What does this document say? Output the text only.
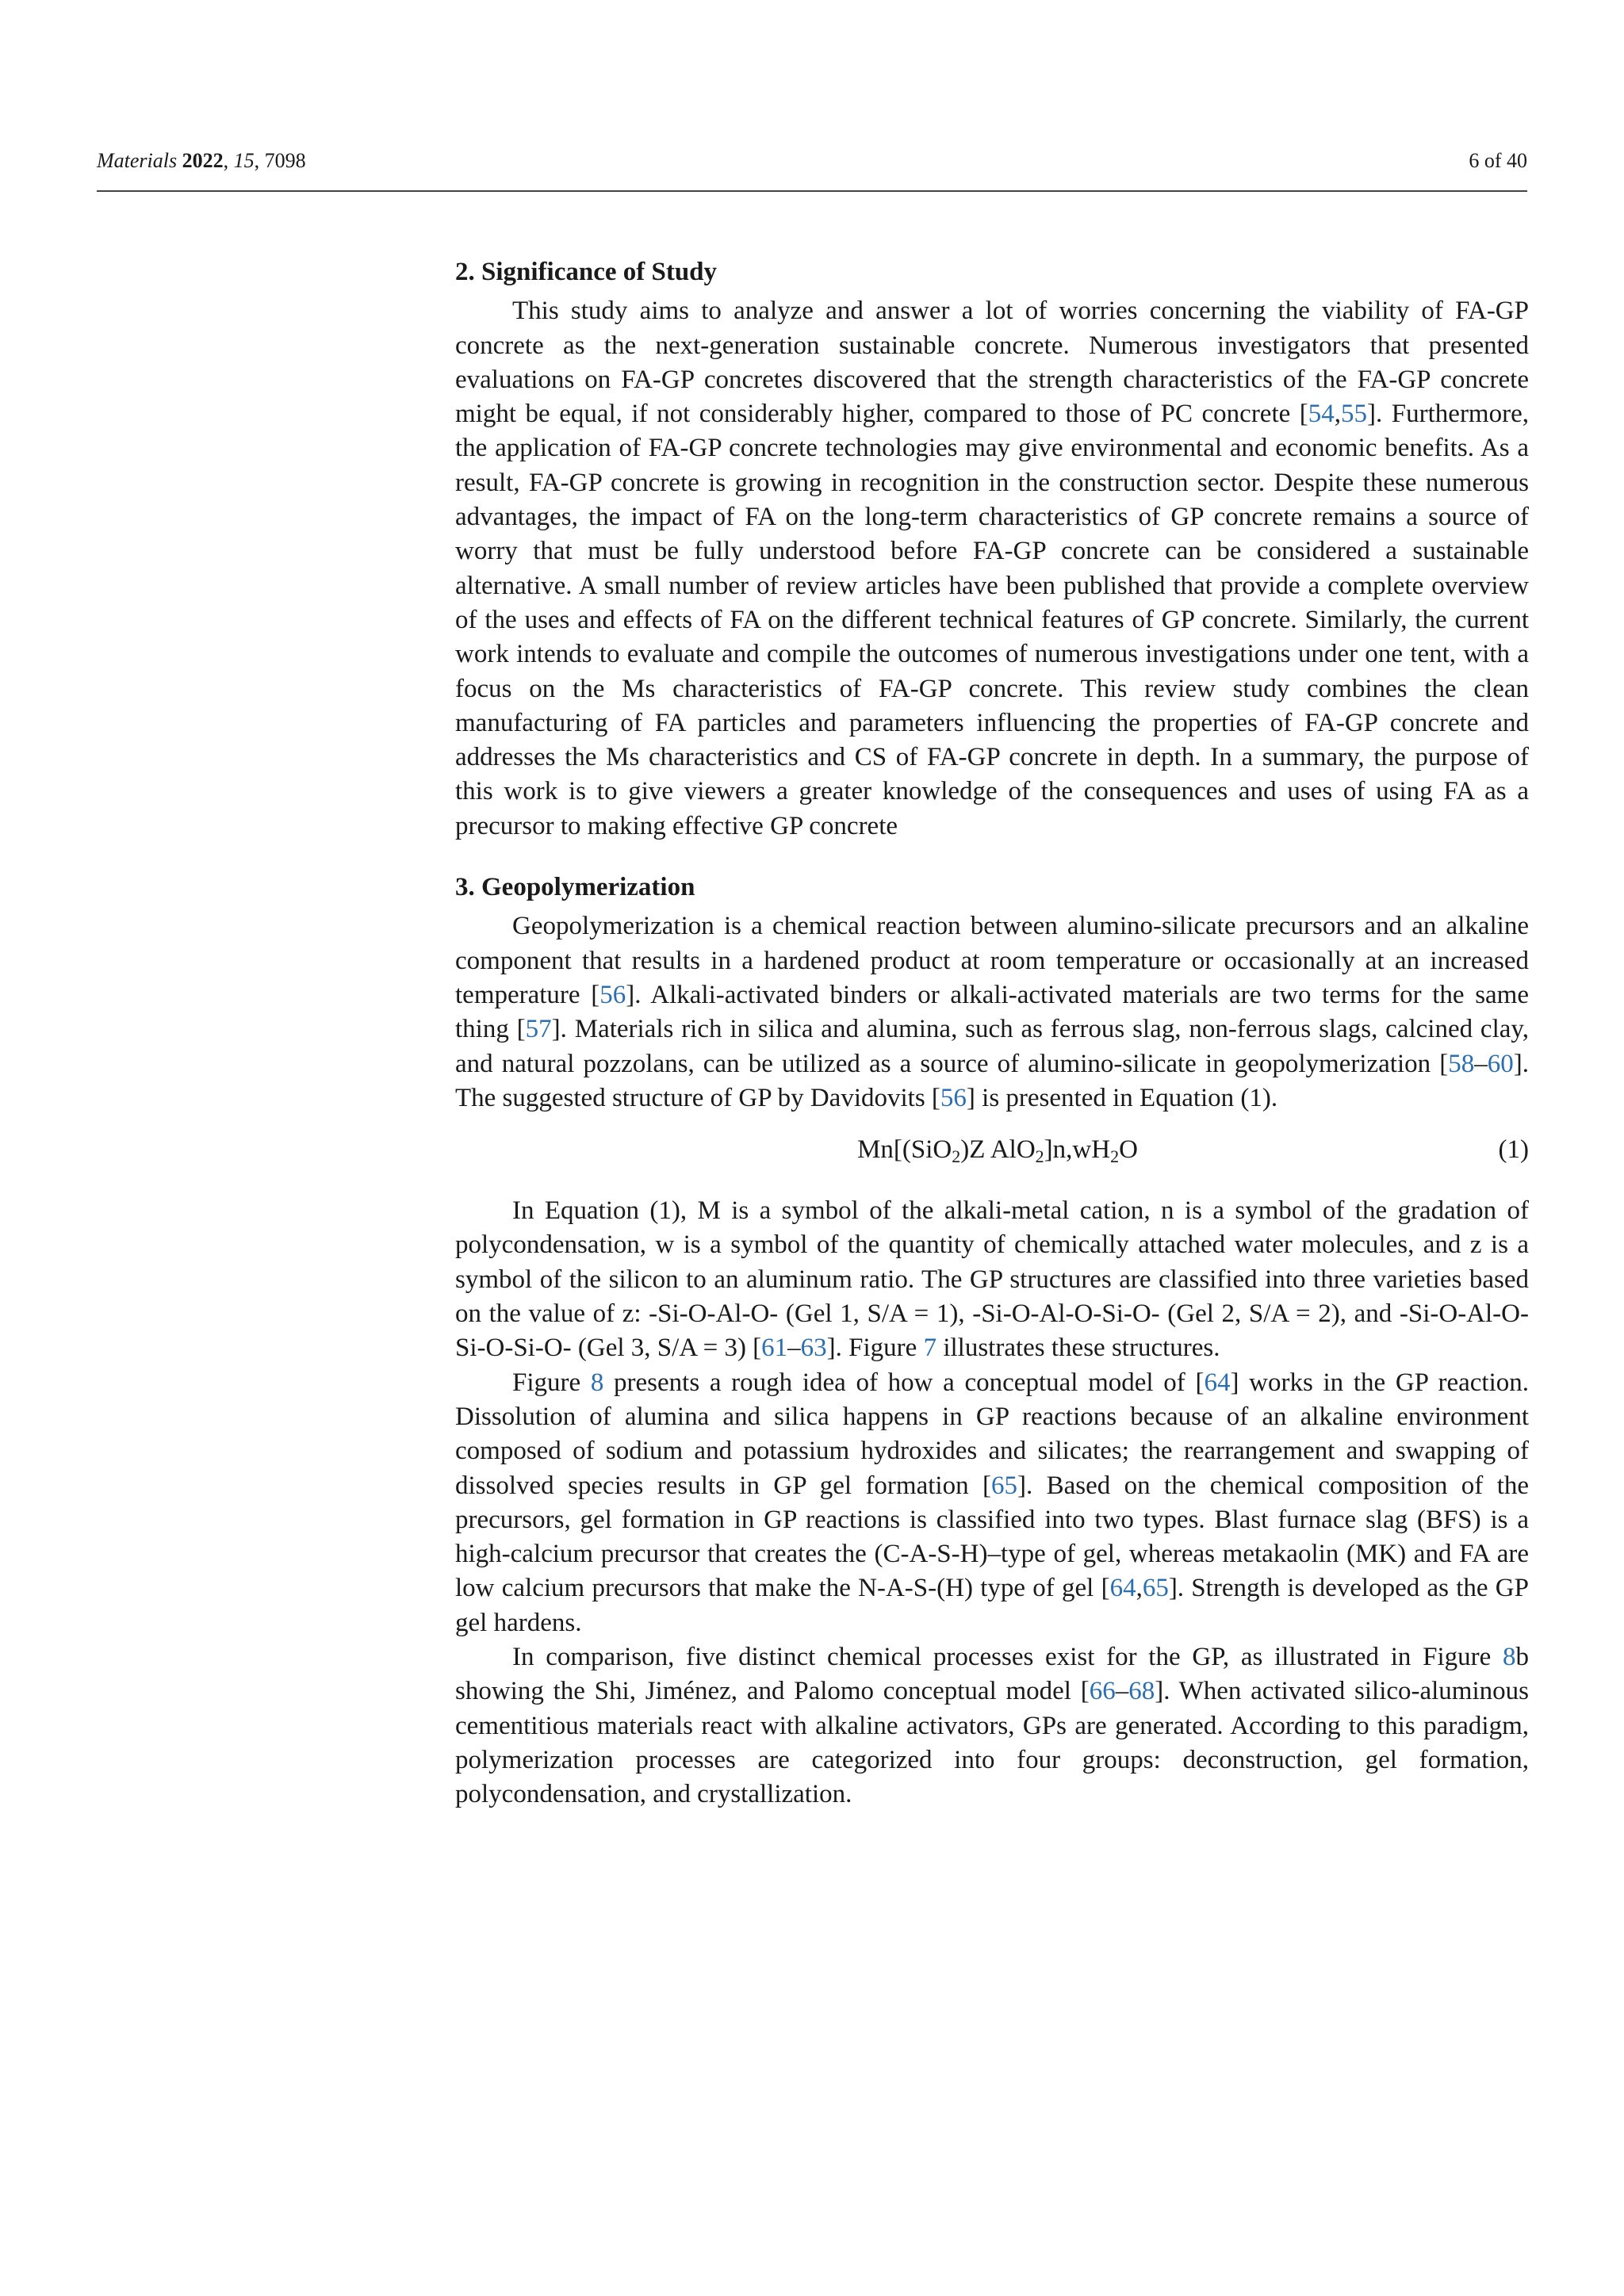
Materials 2022, 15, 7098	6 of 40
2. Significance of Study

This study aims to analyze and answer a lot of worries concerning the viability of FA-GP concrete as the next-generation sustainable concrete. Numerous investigators that presented evaluations on FA-GP concretes discovered that the strength characteristics of the FA-GP concrete might be equal, if not considerably higher, compared to those of PC concrete [54,55]. Furthermore, the application of FA-GP concrete technologies may give environmental and economic benefits. As a result, FA-GP concrete is growing in recognition in the construction sector. Despite these numerous advantages, the impact of FA on the long-term characteristics of GP concrete remains a source of worry that must be fully understood before FA-GP concrete can be considered a sustainable alternative. A small number of review articles have been published that provide a complete overview of the uses and effects of FA on the different technical features of GP concrete. Similarly, the current work intends to evaluate and compile the outcomes of numerous investigations under one tent, with a focus on the Ms characteristics of FA-GP concrete. This review study combines the clean manufacturing of FA particles and parameters influencing the properties of FA-GP concrete and addresses the Ms characteristics and CS of FA-GP concrete in depth. In a summary, the purpose of this work is to give viewers a greater knowledge of the consequences and uses of using FA as a precursor to making effective GP concrete

3. Geopolymerization

Geopolymerization is a chemical reaction between alumino-silicate precursors and an alkaline component that results in a hardened product at room temperature or occasionally at an increased temperature [56]. Alkali-activated binders or alkali-activated materials are two terms for the same thing [57]. Materials rich in silica and alumina, such as ferrous slag, non-ferrous slags, calcined clay, and natural pozzolans, can be utilized as a source of alumino-silicate in geopolymerization [58–60]. The suggested structure of GP by Davidovits [56] is presented in Equation (1).

Mn[(SiO$_2$)Z $AlO_2]n,wH_2O$	(1)

In Equation (1), M is a symbol of the alkali-metal cation, n is a symbol of the gradation of polycondensation, w is a symbol of the quantity of chemically attached water molecules, and z is a symbol of the silicon to an aluminum ratio. The GP structures are classified into three varieties based on the value of z: -Si-O-Al-O- (Gel 1, S/A = 1), -Si-O-Al-O-Si-O- (Gel 2, S/A = 2), and -Si-O-Al-O-Si-O-Si-O- (Gel 3, S/A = 3) [61–63]. Figure 7 illustrates these structures.

Figure 8 presents a rough idea of how a conceptual model of [64] works in the GP reaction. Dissolution of alumina and silica happens in GP reactions because of an alkaline environment composed of sodium and potassium hydroxides and silicates; the rearrangement and swapping of dissolved species results in GP gel formation [65]. Based on the chemical composition of the precursors, gel formation in GP reactions is classified into two types. Blast furnace slag (BFS) is a high-calcium precursor that creates the (C-A-S-H)–type of gel, whereas metakaolin (MK) and FA are low calcium precursors that make the N-A-S-(H) type of gel [64,65]. Strength is developed as the GP gel hardens.

In comparison, five distinct chemical processes exist for the GP, as illustrated in Figure 8b showing the Shi, Jiménez, and Palomo conceptual model [66–68]. When activated silico-aluminous cementitious materials react with alkaline activators, GPs are generated. According to this paradigm, polymerization processes are categorized into four groups: deconstruction, gel formation, polycondensation, and crystallization.
